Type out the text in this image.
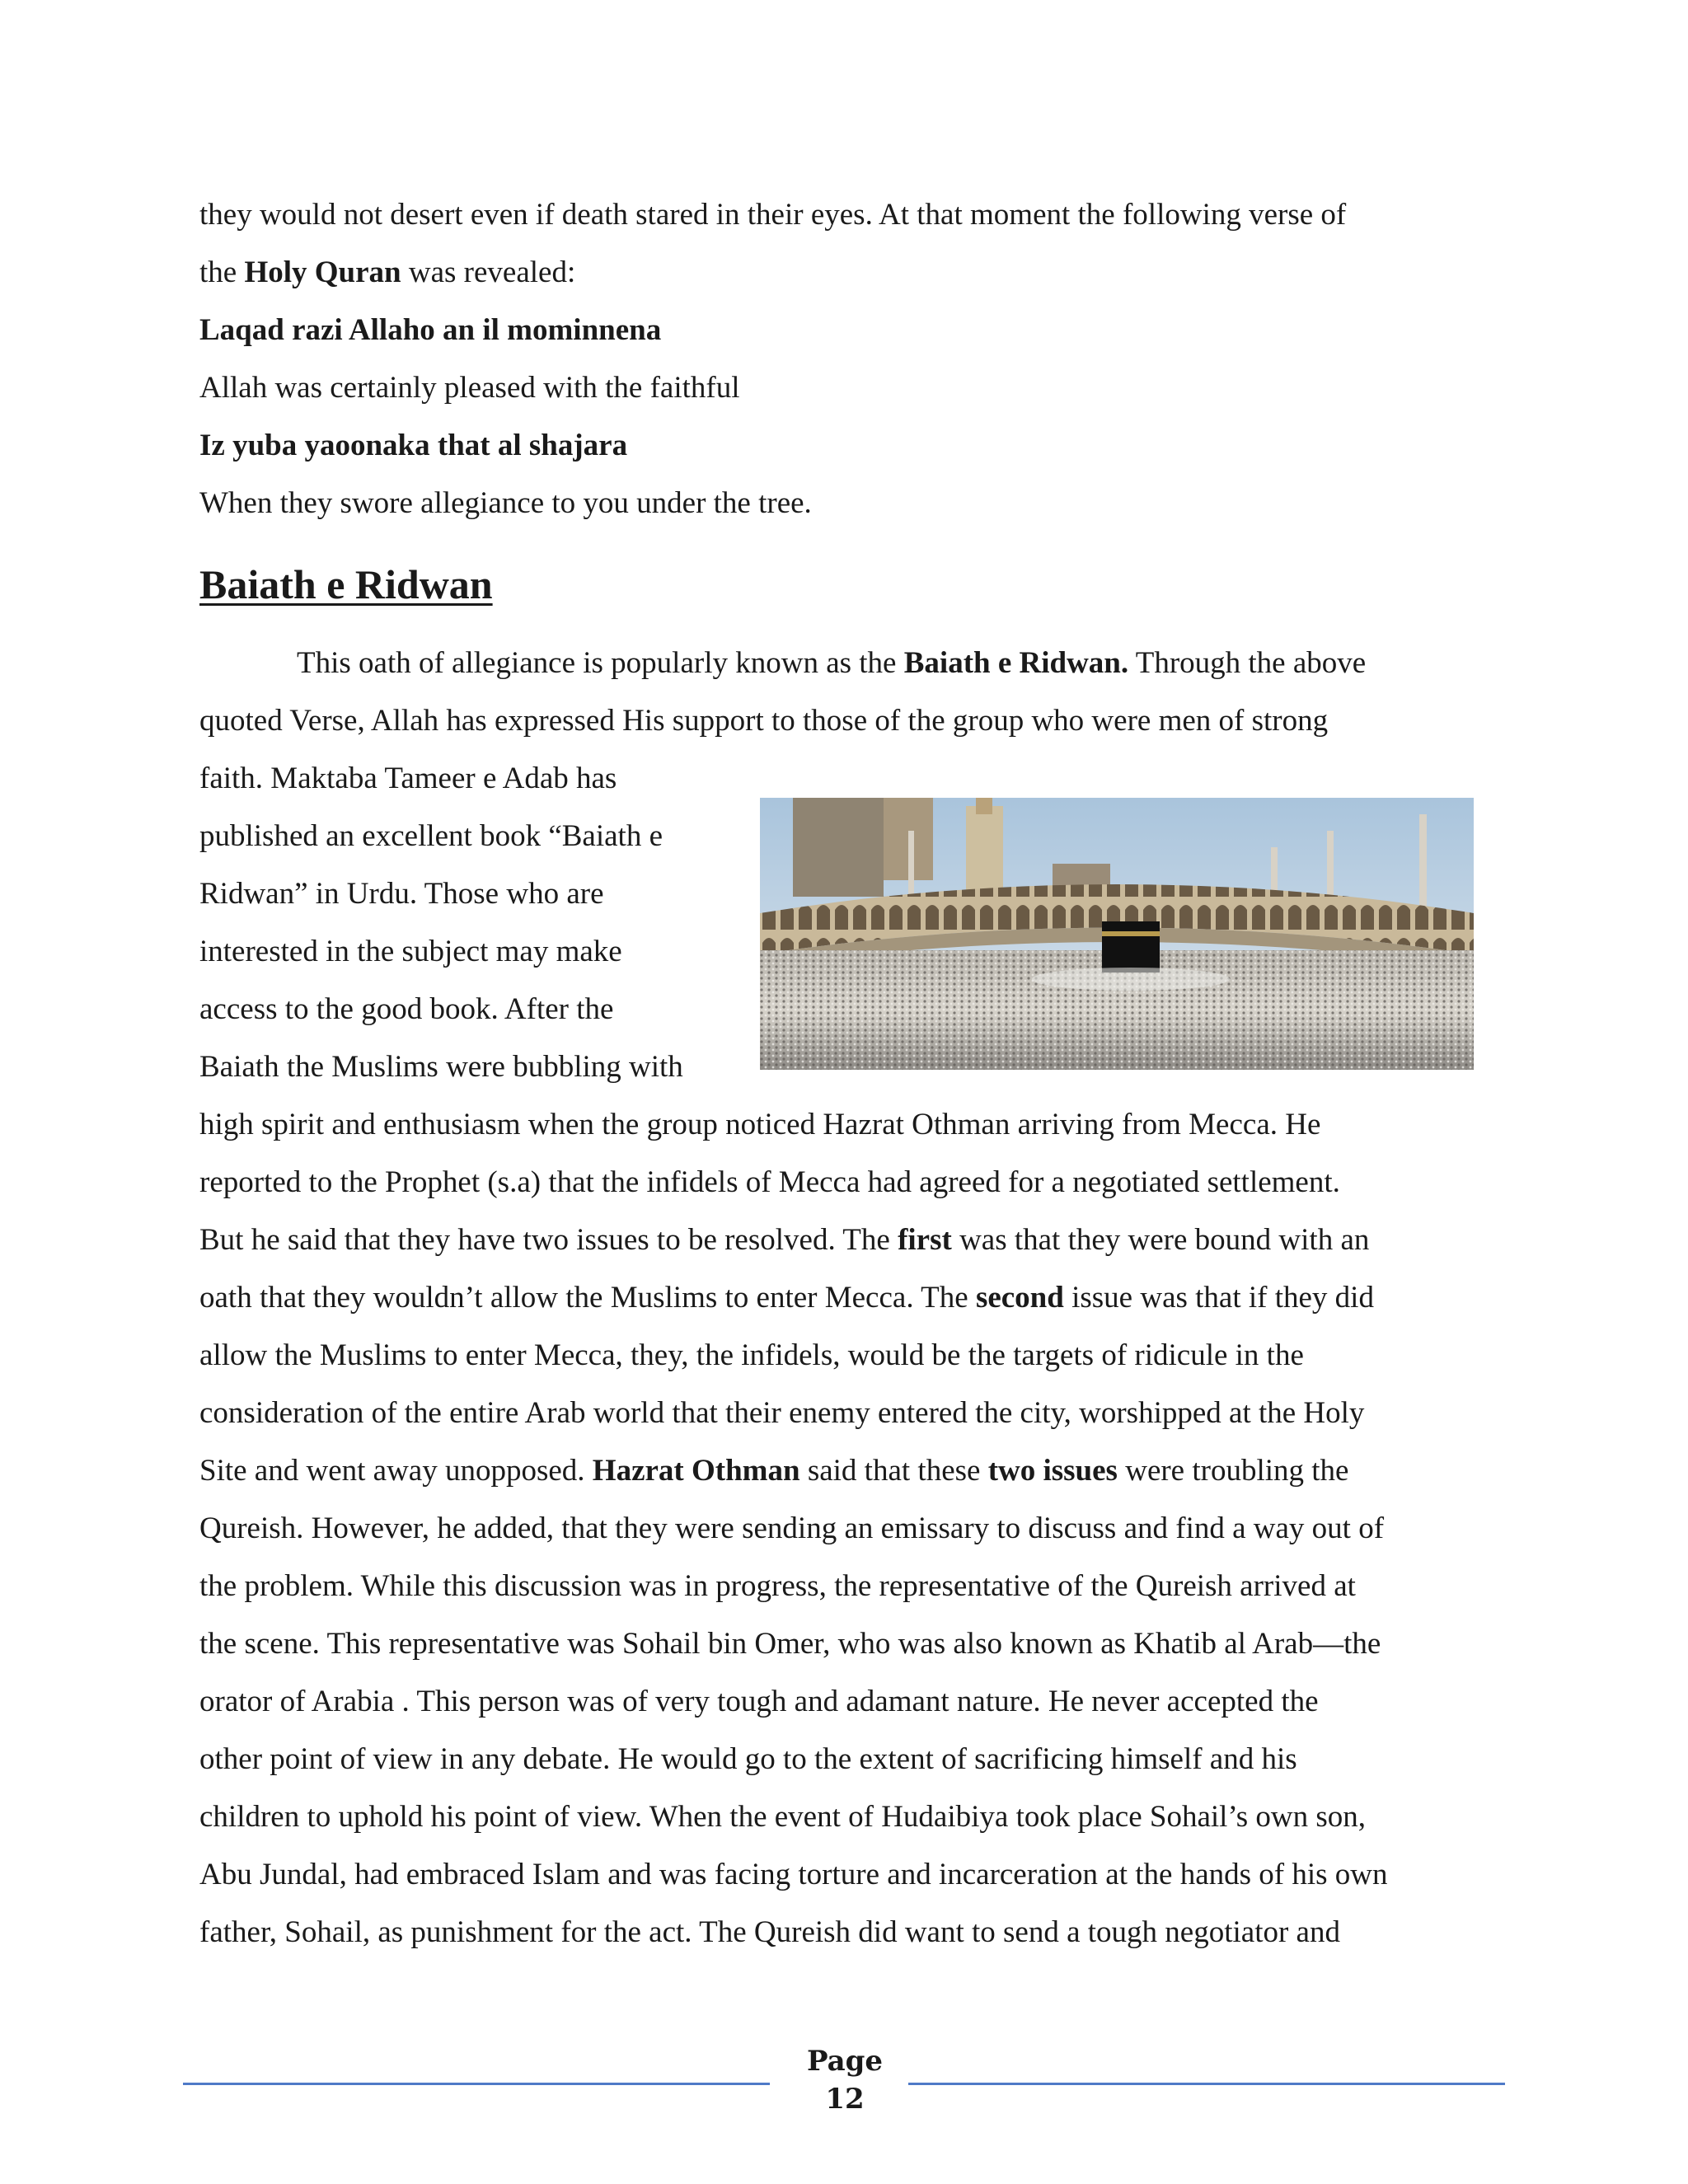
they would not desert even if death stared in their eyes. At that moment the following verse of
the Holy Quran was revealed:
Laqad razi Allaho an il mominnena
Allah was certainly pleased with the faithful
Iz yuba yaoonaka that al shajara
When they swore allegiance to you under the tree.
Baiath e Ridwan
This oath of allegiance is popularly known as the Baiath e Ridwan. Through the above
quoted Verse, Allah has expressed His support to those of the group who were men of strong
faith. Maktaba Tameer e Adab has
published an excellent book “Baiath e
Ridwan” in Urdu. Those who are
interested in the subject may make
access to the good book. After the
Baiath the Muslims were bubbling with
high spirit and enthusiasm when the group noticed Hazrat Othman arriving from Mecca. He
reported to the Prophet (s.a) that the infidels of Mecca had agreed for a negotiated settlement.
But he said that they have two issues to be resolved. The first was that they were bound with an
oath that they wouldn’t allow the Muslims to enter Mecca. The second issue was that if they did
allow the Muslims to enter Mecca, they, the infidels, would be the targets of ridicule in the
consideration of the entire Arab world that their enemy entered the city, worshipped at the Holy
Site and went away unopposed. Hazrat Othman said that these two issues were troubling the
Qureish. However, he added, that they were sending an emissary to discuss and find a way out of
the problem. While this discussion was in progress, the representative of the Qureish arrived at
the scene. This representative was Sohail bin Omer, who was also known as Khatib al Arab—the
orator of Arabia . This person was of very tough and adamant nature. He never accepted the
other point of view in any debate. He would go to the extent of sacrificing himself and his
children to uphold his point of view. When the event of Hudaibiya took place Sohail’s own son,
Abu Jundal, had embraced Islam and was facing torture and incarceration at the hands of his own
father, Sohail, as punishment for the act. The Qureish did want to send a tough negotiator and
Page
12
